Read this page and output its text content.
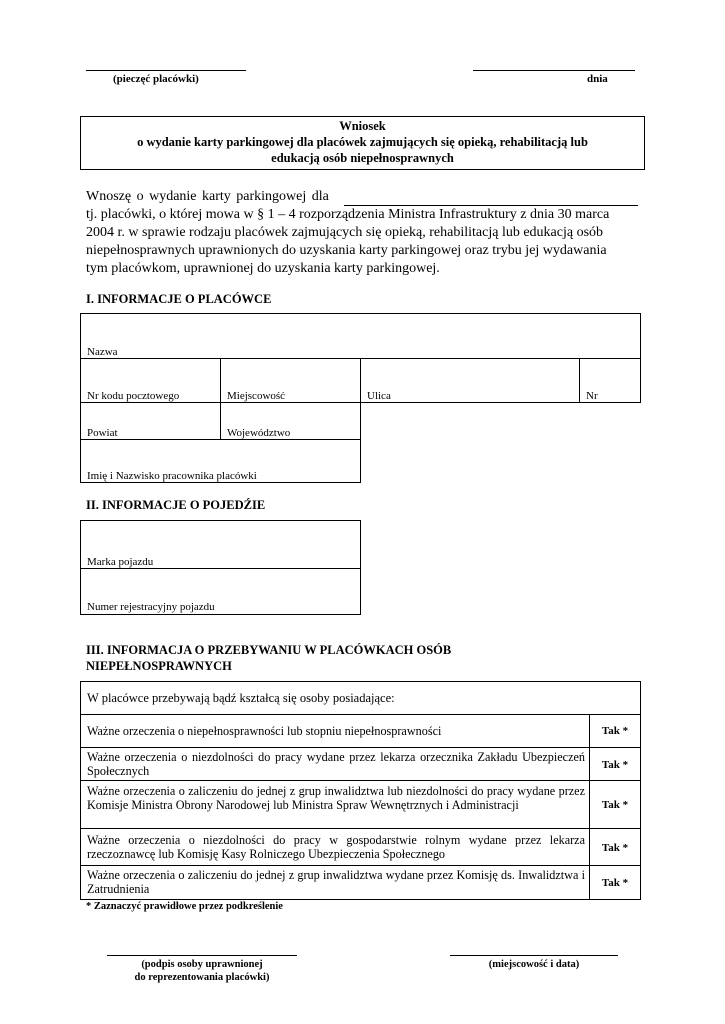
(pieczęć placówki)	dnia
Wniosek
o wydanie karty parkingowej dla placówek zajmujących się opieką, rehabilitacją lub
edukacją osób niepełnosprawnych
Wnoszę o wydanie karty parkingowej dla
tj. placówki, o której mowa w § 1 – 4 rozporządzenia Ministra Infrastruktury z dnia 30 marca
2004 r. w sprawie rodzaju placówek zajmujących się opieką, rehabilitacją lub edukacją osób
niepełnosprawnych uprawnionych do uzyskania karty parkingowej oraz trybu jej wydawania
tym placówkom, uprawnionej do uzyskania karty parkingowej.
I. INFORMACJE O PLACÓWCE
Nazwa
Nr kodu pocztowego	Miejscowość	Ulica	Nr
Powiat	Województwo
Imię i Nazwisko pracownika placówki
II. INFORMACJE O POJEDŹIE
Marka pojazdu
Numer rejestracyjny pojazdu
III. INFORMACJA O PRZEBYWANIU W PLACÓWKACH OSÓB
NIEPEŁNOSPRAWNYCH
W placówce przebywają bądź kształcą się osoby posiadające:
Ważne orzeczenia o niepełnosprawności lub stopniu niepełnosprawności	Tak *
Ważne orzeczenia o niezdolności do pracy wydane przez lekarza orzecznika Zakładu Ubezpieczeń Społecznych	Tak *
Ważne orzeczenia o zaliczeniu do jednej z grup inwalidztwa lub niezdolności do pracy wydane przez Komisje Ministra Obrony Narodowej lub Ministra Spraw Wewnętrznych i Administracji	Tak *
Ważne orzeczenia o niezdolności do pracy w gospodarstwie rolnym wydane przez lekarza rzeczoznawcę lub Komisję Kasy Rolniczego Ubezpieczenia Społecznego	Tak *
Ważne orzeczenia o zaliczeniu do jednej z grup inwalidztwa wydane przez Komisję ds. Inwalidztwa i Zatrudnienia	Tak *
* Zaznaczyć prawidłowe przez podkreślenie
(podpis osoby uprawnionej
do reprezentowania placówki)
(miejscowość i data)
